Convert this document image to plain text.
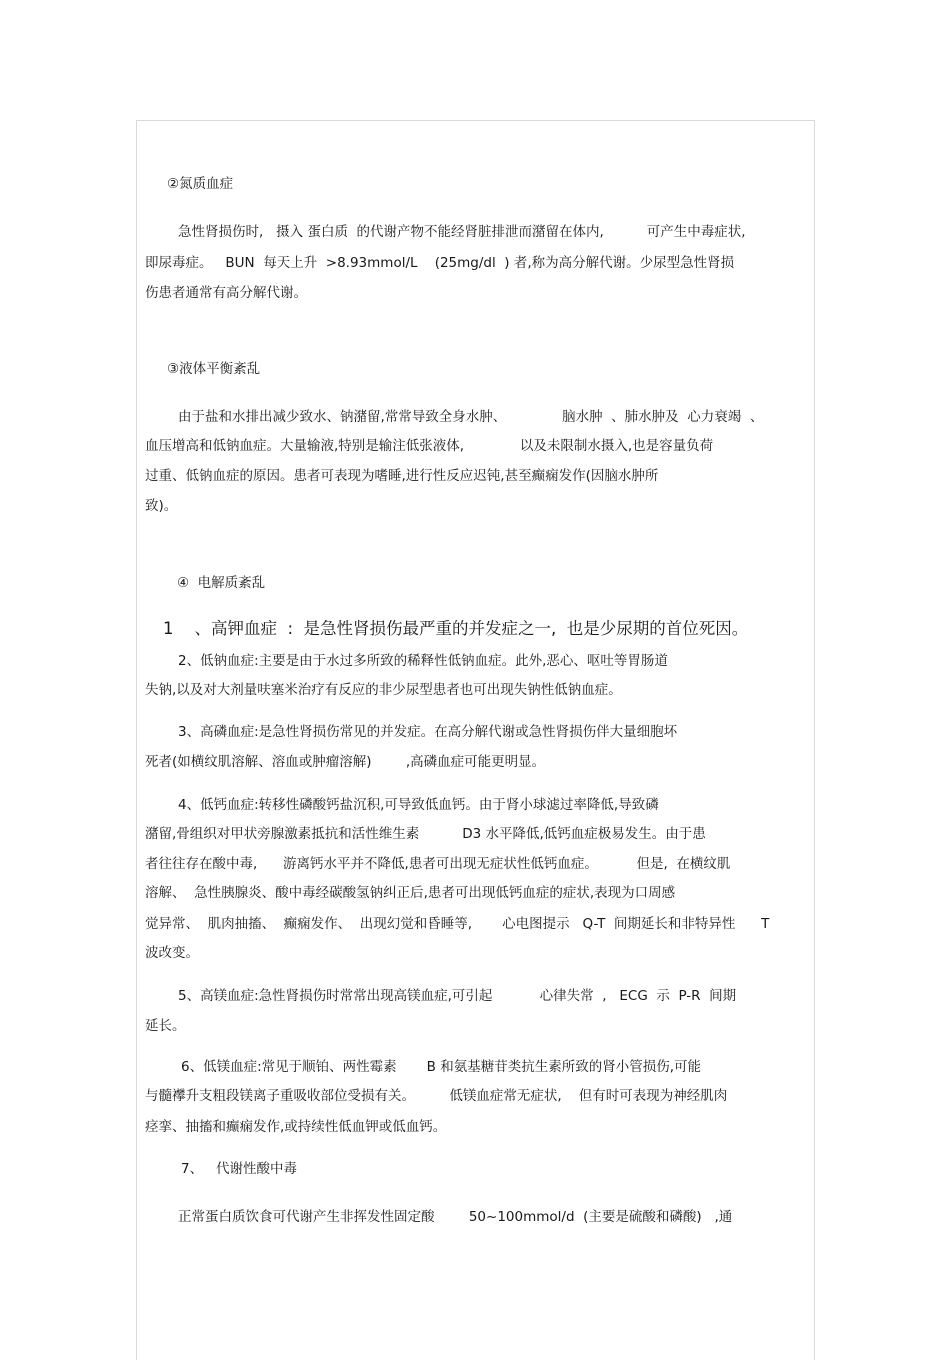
②氮质血症
急性肾损伤时,   摄入 蛋白质  的代谢产物不能经肾脏排泄而潴留在体内,          可产生中毒症状,
即尿毒症。   BUN  每天上升  >8.93mmol/L    (25mg/dl  ) 者,称为高分解代谢。少尿型急性肾损
伤患者通常有高分解代谢。
③液体平衡紊乱
由于盐和水排出减少致水、钠潴留,常常导致全身水肿、             脑水肿  、肺水肿及  心力衰竭  、
血压增高和低钠血症。大量输液,特别是输注低张液体,             以及未限制水摄入,也是容量负荷
过重、低钠血症的原因。患者可表现为嗜睡,进行性反应迟钝,甚至癫痫发作(因脑水肿所
致)。
④  电解质紊乱
1    、高钾血症  :  是急性肾损伤最严重的并发症之一,  也是少尿期的首位死因。
2、低钠血症:主要是由于水过多所致的稀释性低钠血症。此外,恶心、呕吐等胃肠道
失钠,以及对大剂量呋塞米治疗有反应的非少尿型患者也可出现失钠性低钠血症。
3、高磷血症:是急性肾损伤常见的并发症。在高分解代谢或急性肾损伤伴大量细胞坏
死者(如横纹肌溶解、溶血或肿瘤溶解)        ,高磷血症可能更明显。
4、低钙血症:转移性磷酸钙盐沉积,可导致低血钙。由于肾小球滤过率降低,导致磷
潴留,骨组织对甲状旁腺激素抵抗和活性维生素          D3 水平降低,低钙血症极易发生。由于患
者往往存在酸中毒,      游离钙水平并不降低,患者可出现无症状性低钙血症。         但是,  在横纹肌
溶解、  急性胰腺炎、酸中毒经碳酸氢钠纠正后,患者可出现低钙血症的症状,表现为口周感
觉异常、  肌肉抽搐、  癫痫发作、  出现幻觉和昏睡等,       心电图提示   Q-T  间期延长和非特异性      T
波改变。
5、高镁血症:急性肾损伤时常常出现高镁血症,可引起           心律失常  ,   ECG  示  P-R  间期
延长。
6、低镁血症:常见于顺铂、两性霉素       B 和氨基糖苷类抗生素所致的肾小管损伤,可能
与髓襻升支粗段镁离子重吸收部位受损有关。        低镁血症常无症状,    但有时可表现为神经肌肉
痉挛、抽搐和癫痫发作,或持续性低血钾或低血钙。
7、   代谢性酸中毒
正常蛋白质饮食可代谢产生非挥发性固定酸        50~100mmol/d  (主要是硫酸和磷酸)   ,通
